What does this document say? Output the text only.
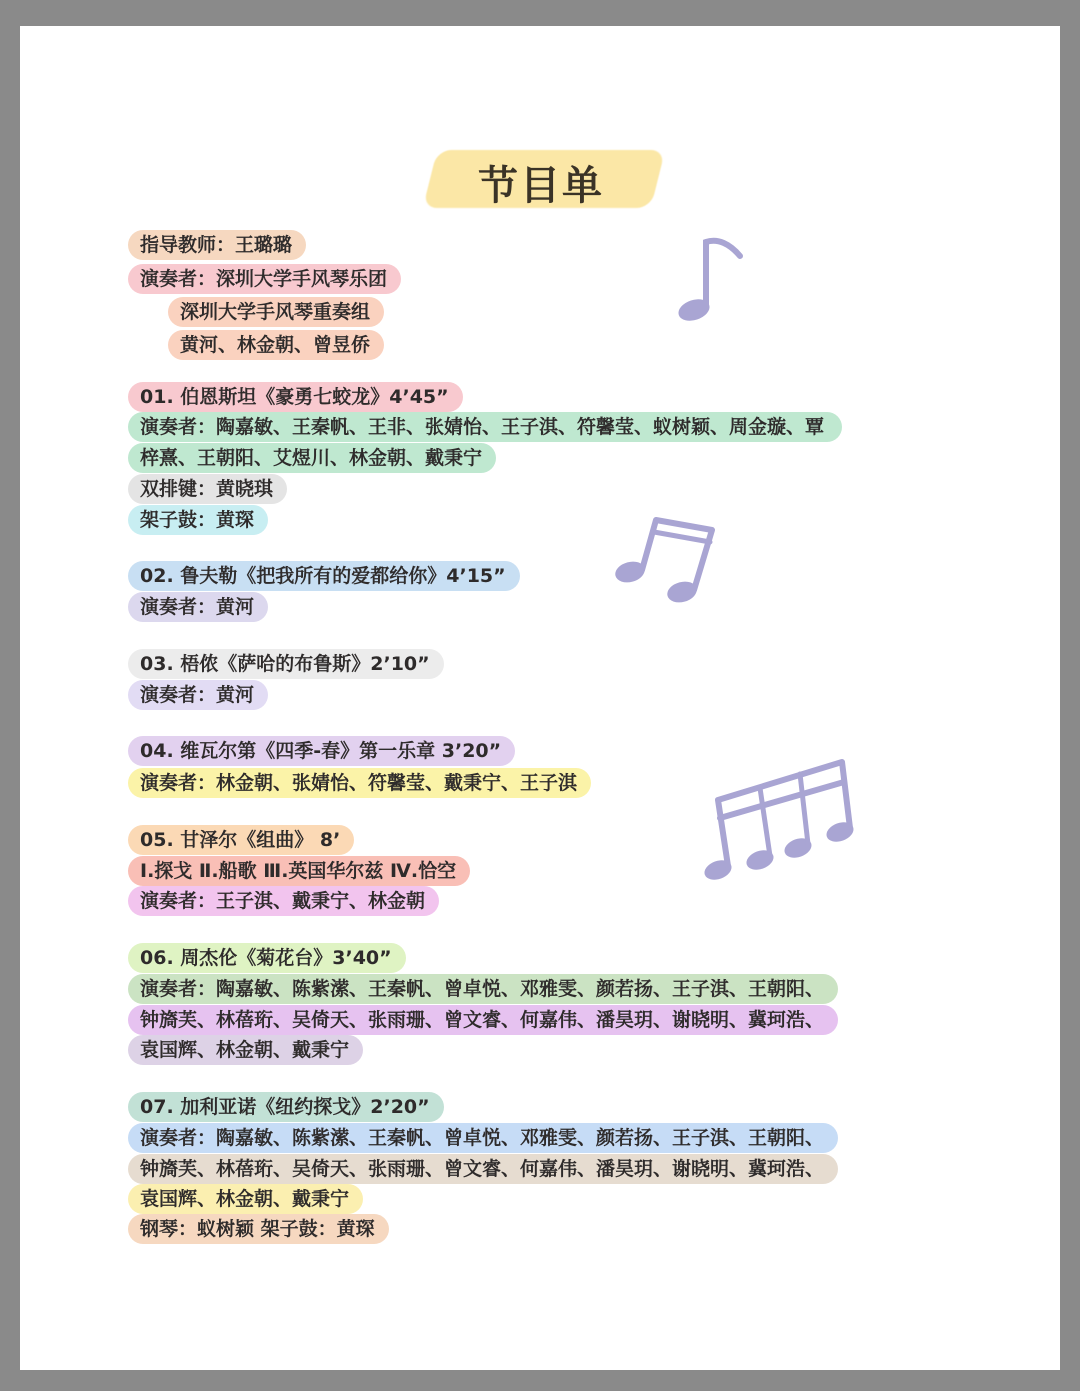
节目单
指导教师：王璐璐
演奏者：深圳大学手风琴乐团
深圳大学手风琴重奏组
黄河、林金朝、曾昱侨
01. 伯恩斯坦《豪勇七蛟龙》4’45”
演奏者：陶嘉敏、王秦帆、王非、张婧怡、王子淇、符馨莹、蚁树颖、周金璇、覃
梓熹、王朝阳、艾煜川、林金朝、戴秉宁
双排键：黄晓琪
架子鼓：黄琛
02. 鲁夫勒《把我所有的爱都给你》4’15”
演奏者：黄河
03. 梧侬《萨哈的布鲁斯》2’10”
演奏者：黄河
04. 维瓦尔第《四季-春》第一乐章 3’20”
演奏者：林金朝、张婧怡、符馨莹、戴秉宁、王子淇
05. 甘泽尔《组曲》 8’
Ⅰ.探戈 Ⅱ.船歌 Ⅲ.英国华尔兹 Ⅳ.恰空
演奏者：王子淇、戴秉宁、林金朝
06. 周杰伦《菊花台》3’40”
演奏者：陶嘉敏、陈紫潆、王秦帆、曾卓悦、邓雅雯、颜若扬、王子淇、王朝阳、
钟旖芙、林蓓珩、吴倚天、张雨珊、曾文睿、何嘉伟、潘昊玥、谢晓明、冀珂浩、
袁国辉、林金朝、戴秉宁
07. 加利亚诺《纽约探戈》2’20”
演奏者：陶嘉敏、陈紫潆、王秦帆、曾卓悦、邓雅雯、颜若扬、王子淇、王朝阳、
钟旖芙、林蓓珩、吴倚天、张雨珊、曾文睿、何嘉伟、潘昊玥、谢晓明、冀珂浩、
袁国辉、林金朝、戴秉宁
钢琴：蚁树颖 架子鼓：黄琛
